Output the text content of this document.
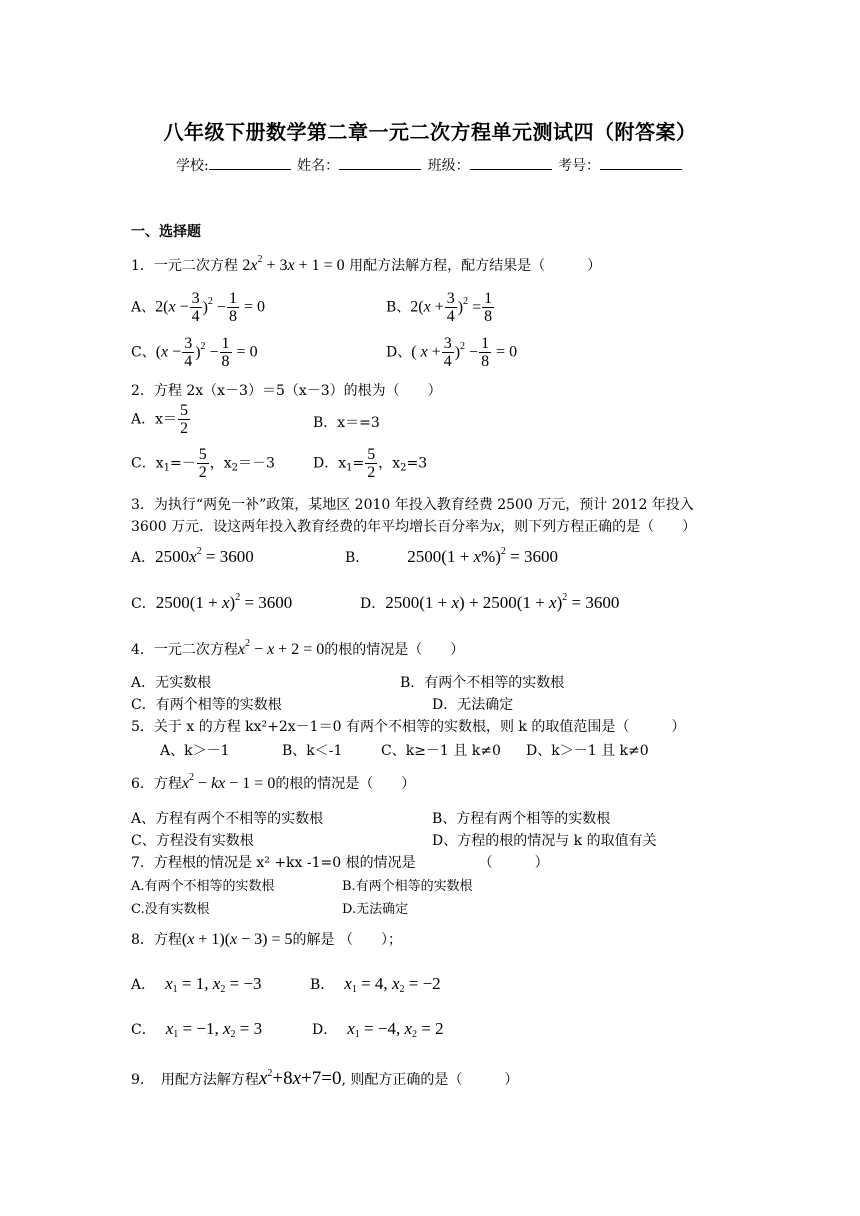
八年级下册数学第二章一元二次方程单元测试四（附答案）
学校:	姓名：	班级：	考号：
一、选择题
1．一元二次方程 $2x^2 + 3x + 1 = 0$ 用配方法解方程，配方结果是（　　　）
A、$2(x - \frac{3}{4} )^2 - \frac{1}{8} = 0$	B、$2(x + \frac{3}{4} )^2 = \frac{1}{8}$
C、$(x - \frac{3}{4} )^2 - \frac{1}{8} = 0$	D、( $x + \frac{3}{4} )^2 - \frac{1}{8} = 0$
2．方程 2x（x－3）＝5（x－3）的根为（　　）
A．$x= \frac{5}{2}$	B．x＝=3
C．$x_1=- \frac{5}{2}$ ，$x_2=-3$	D．$x_1= \frac{5}{2}$ ，$x_2=3$
3．为执行“两免一补”政策，某地区 2010 年投入教育经费 2500 万元，预计 2012 年投入
3600 万元．设这两年投入教育经费的年平均增长百分率为x，则下列方程正确的是（　　）
A．$2500x^2 = 3600$	B． $2500(1 + x\%)^2 = 3600$
C．$2500(1 + x)^2 = 3600$	D．$2500(1 + x) + 2500(1 + x)^2 = 3600$
4．一元二次方程$x^2 - x + 2 = 0$的根的情况是（　　）
A．无实数根	B．有两个不相等的实数根
C．有两个相等的实数根	D．无法确定
5．关于 x 的方程 kx²+2x－1＝0 有两个不相等的实数根，则 k 的取值范围是（　　　）
A、k＞－1	B、k＜-1	C、k≥－1 且 k≠0 D、k＞－1 且 k≠0
6．方程$x^2$ − kx − 1 = 0的根的情况是（　　）
A、方程有两个不相等的实数根	B、方程有两个相等的实数根
C、方程没有实数根	D、方程的根的情况与 k 的取值有关
7．方程根的情况是 x² +kx -1=0 根的情况是　　　　　（　　　）
A.有两个不相等的实数根	B.有两个相等的实数根
C.没有实数根	D.无法确定
8．方程(x + 1)(x − 3) = 5的解是 （　　）；
A． $x_1 = 1$, $x_2 = -3$	B． $x_1 = 4$, $x_2 = -2$
C． $x_1 = -1$, $x_2 = 3$	D． $x_1 = -4$, $x_2 = 2$
9．　用配方法解方程$x^2+8x+7=0$, 则配方正确的是（　　　）
